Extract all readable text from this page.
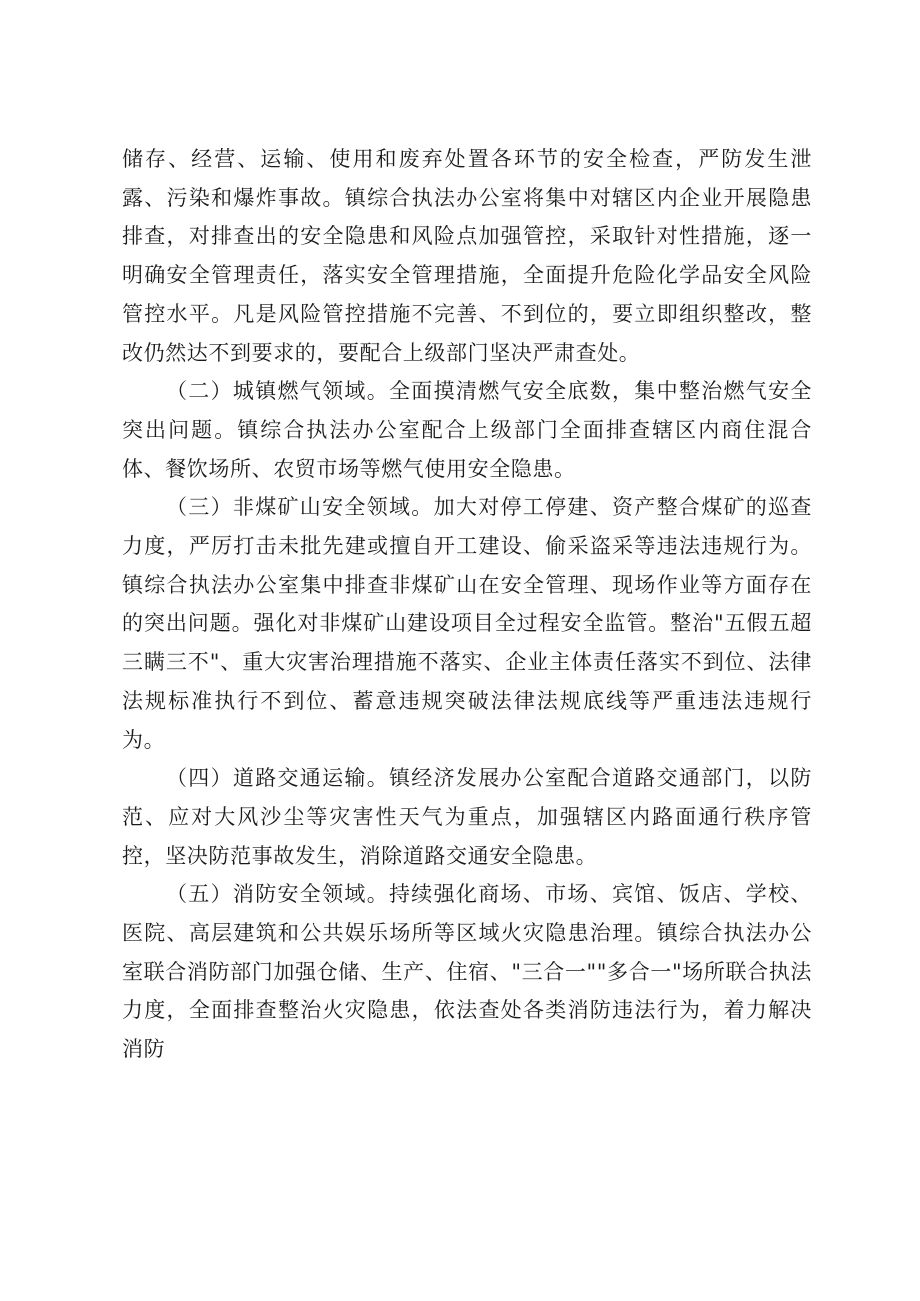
储存、经营、运输、使用和废弃处置各环节的安全检查，严防发生泄露、污染和爆炸事故。镇综合执法办公室将集中对辖区内企业开展隐患排查，对排查出的安全隐患和风险点加强管控，采取针对性措施，逐一明确安全管理责任，落实安全管理措施，全面提升危险化学品安全风险管控水平。凡是风险管控措施不完善、不到位的，要立即组织整改，整改仍然达不到要求的，要配合上级部门坚决严肃查处。

（二）城镇燃气领域。全面摸清燃气安全底数，集中整治燃气安全突出问题。镇综合执法办公室配合上级部门全面排查辖区内商住混合体、餐饮场所、农贸市场等燃气使用安全隐患。

（三）非煤矿山安全领域。加大对停工停建、资产整合煤矿的巡查力度，严厉打击未批先建或擅自开工建设、偷采盗采等违法违规行为。镇综合执法办公室集中排查非煤矿山在安全管理、现场作业等方面存在的突出问题。强化对非煤矿山建设项目全过程安全监管。整治"五假五超三瞒三不"、重大灾害治理措施不落实、企业主体责任落实不到位、法律法规标准执行不到位、蓄意违规突破法律法规底线等严重违法违规行为。

（四）道路交通运输。镇经济发展办公室配合道路交通部门，以防范、应对大风沙尘等灾害性天气为重点，加强辖区内路面通行秩序管控，坚决防范事故发生，消除道路交通安全隐患。

（五）消防安全领域。持续强化商场、市场、宾馆、饭店、学校、医院、高层建筑和公共娱乐场所等区域火灾隐患治理。镇综合执法办公室联合消防部门加强仓储、生产、住宿、"三合一""多合一"场所联合执法力度，全面排查整治火灾隐患，依法查处各类消防违法行为，着力解决消防
